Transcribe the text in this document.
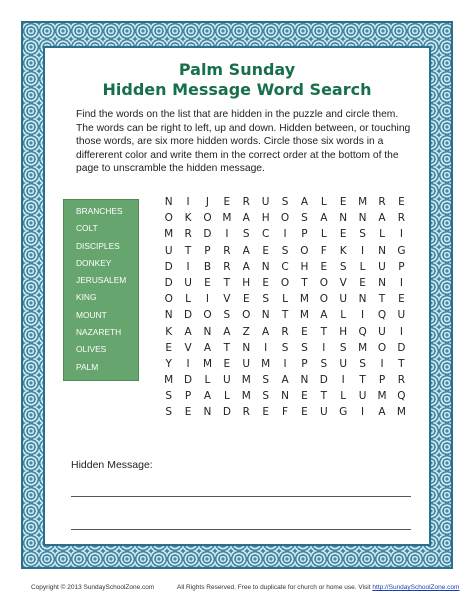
Palm Sunday
Hidden Message Word Search
Find the words on the list that are hidden in the puzzle and circle them. The words can be right to left, up and down. Hidden between, or touching those words, are six more hidden words. Circle those six words in a differerent color and write them in the correct order at the bottom of the page to unscramble the hidden message.
BRANCHES
COLT
DISCIPLES
DONKEY
JERUSALEM
KING
MOUNT
NAZARETH
OLIVES
PALM
N	I	J	E	R	U	S	A	L	E	M	R	E
O	K	O	M	A	H	O	S	A	N	N	A	R
M	R	D	I	S	C	I	P	L	E	S	L	I
U	T	P	R	A	E	S	O	F	K	I	N	G
D	I	B	R	A	N	C	H	E	S	L	U	P
D	U	E	T	H	E	O	T	O	V	E	N	I
O	L	I	V	E	S	L	M	O	U	N	T	E
N	D	O	S	O	N	T	M	A	L	I	Q	U
K	A	N	A	Z	A	R	E	T	H	Q	U	I
E	V	A	T	N	I	S	S	I	S	M	O	D
Y	I	M	E	U	M	I	P	S	U	S	I	T
M	D	L	U	M	S	A	N	D	I	T	P	R
S	P	A	L	M	S	N	E	T	L	U	M	Q
S	E	N	D	R	E	F	E	U	G	I	A	M
Hidden Message:
Copyright © 2013 SundaySchoolZone.com	All Rights Reserved. Free to duplicate for church or home use. Visit http://SundaySchoolZone.com
